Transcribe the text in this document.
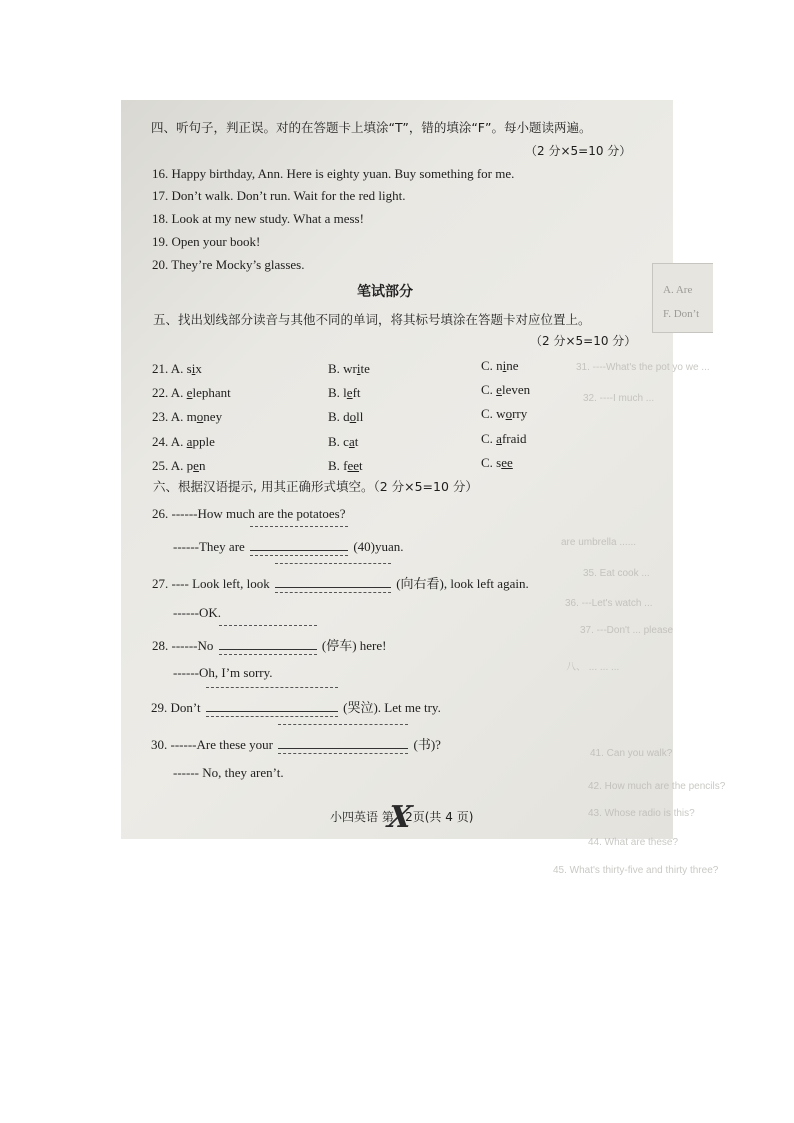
31. ----What's the pot yo we ...
32. ----I much ...
are umbrella ......
35. Eat cook ...
36. ---Let's watch ...
37. ---Don't ... please
八、 ... ... ...
41. Can you walk?
42. How much are the pencils?
43. Whose radio is this?
44. What are these?
45. What's thirty-five and thirty three?
A. Are
F. Don’t
四、听句子，判正误。对的在答题卡上填涂“T”，错的填涂“F”。每小题读两遍。
（2 分×5=10 分）
16. Happy birthday, Ann. Here is eighty yuan. Buy something for me.
17. Don’t walk. Don’t run. Wait for the red light.
18. Look at my new study. What a mess!
19. Open your book!
20. They’re Mocky’s glasses.
笔试部分
五、找出划线部分读音与其他不同的单词，将其标号填涂在答题卡对应位置上。
（2 分×5=10 分）
21. A. six	B. write	C. nine
22. A. elephant	B. left	C. eleven
23. A. money	B. doll	C. worry
24. A. apple	B. cat	C. afraid
25. A. pen	B. feet	C. see
六、根据汉语提示, 用其正确形式填空。（2 分×5=10 分）
26. ------How much are the potatoes?
------They are	(40)yuan.
27. ---- Look left, look	(向右看), look left again.
------OK.
28. ------No	(停车) here!
------Oh, I’m sorry.
29. Don’t	(哭泣). Let me try.
30. ------Are these your	(书)?
------ No, they aren’t.
小四英语 第X2页(共 4 页)
